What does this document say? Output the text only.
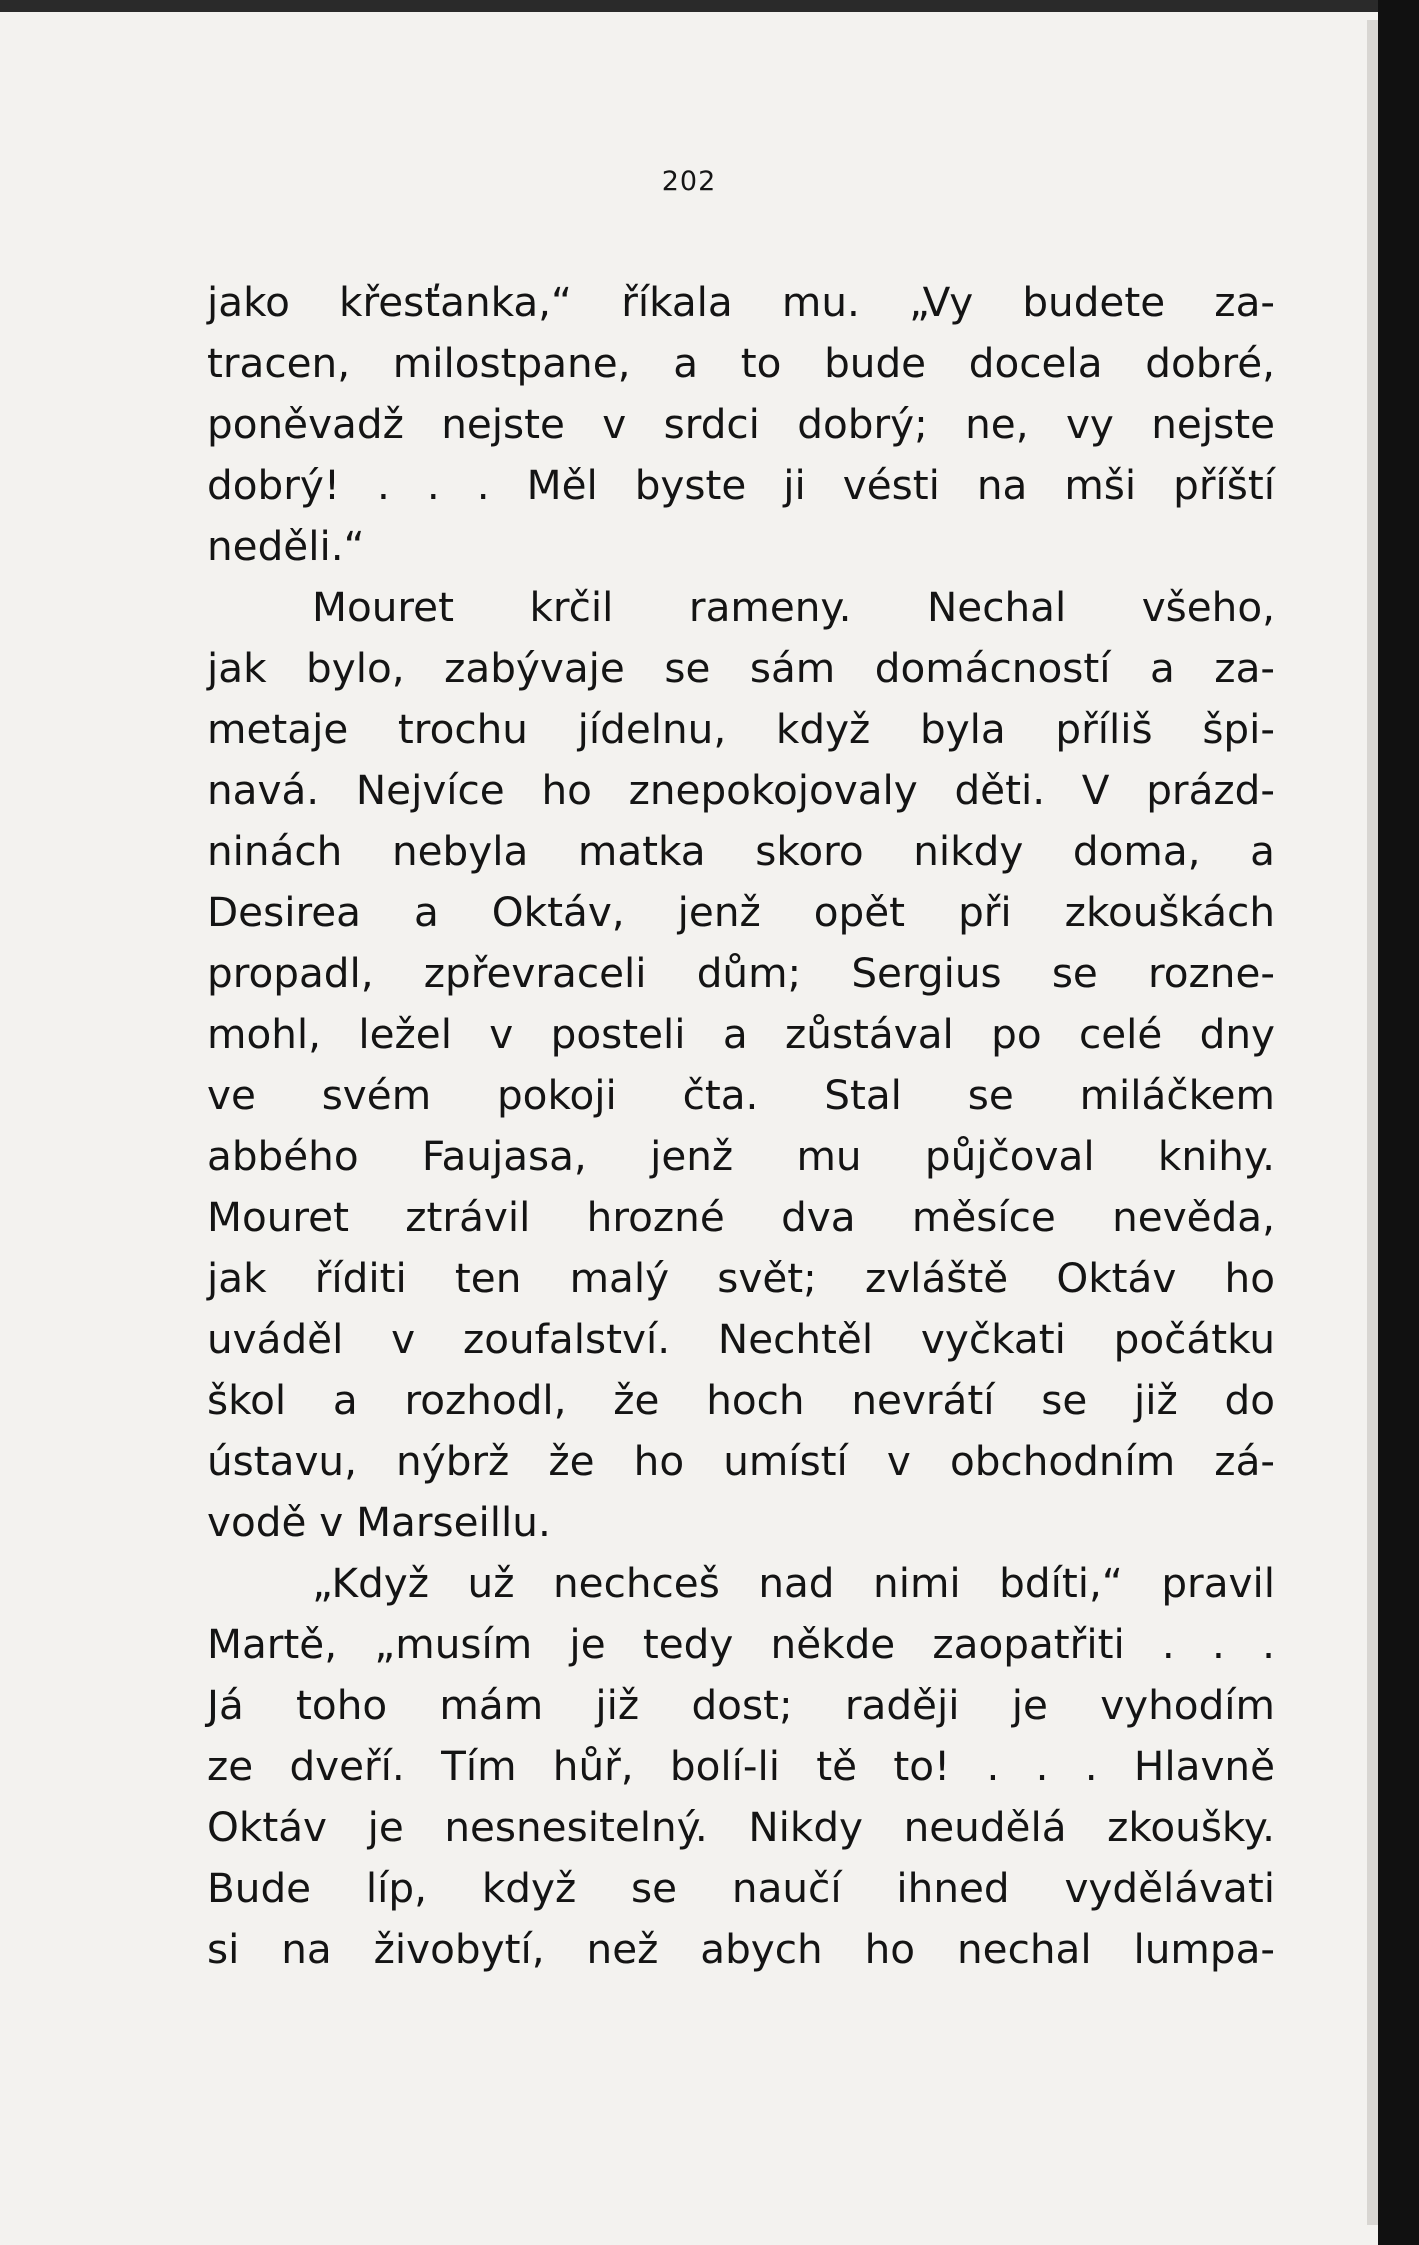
202
jako křesťanka,“ říkala mu. „Vy budete za-
tracen, milostpane, a to bude docela dobré,
poněvadž nejste v srdci dobrý; ne, vy nejste
dobrý! . . . Měl byste ji vésti na mši příští
neděli.“
Mouret krčil rameny. Nechal všeho,
jak bylo, zabývaje se sám domácností a za-
metaje trochu jídelnu, když byla příliš špi-
navá. Nejvíce ho znepokojovaly děti. V prázd-
ninách nebyla matka skoro nikdy doma, a
Desirea a Oktáv, jenž opět při zkouškách
propadl, zpřevraceli dům; Sergius se rozne-
mohl, ležel v posteli a zůstával po celé dny
ve svém pokoji čta. Stal se miláčkem
abbého Faujasa, jenž mu půjčoval knihy.
Mouret ztrávil hrozné dva měsíce nevěda,
jak říditi ten malý svět; zvláště Oktáv ho
uváděl v zoufalství. Nechtěl vyčkati počátku
škol a rozhodl, že hoch nevrátí se již do
ústavu, nýbrž že ho umístí v obchodním zá-
vodě v Marseillu.
„Když už nechceš nad nimi bdíti,“ pravil
Martě, „musím je tedy někde zaopatřiti . . .
Já toho mám již dost; raději je vyhodím
ze dveří. Tím hůř, bolí-li tě to! . . . Hlavně
Oktáv je nesnesitelný. Nikdy neudělá zkoušky.
Bude líp, když se naučí ihned vydělávati
si na živobytí, než abych ho nechal lumpa-
